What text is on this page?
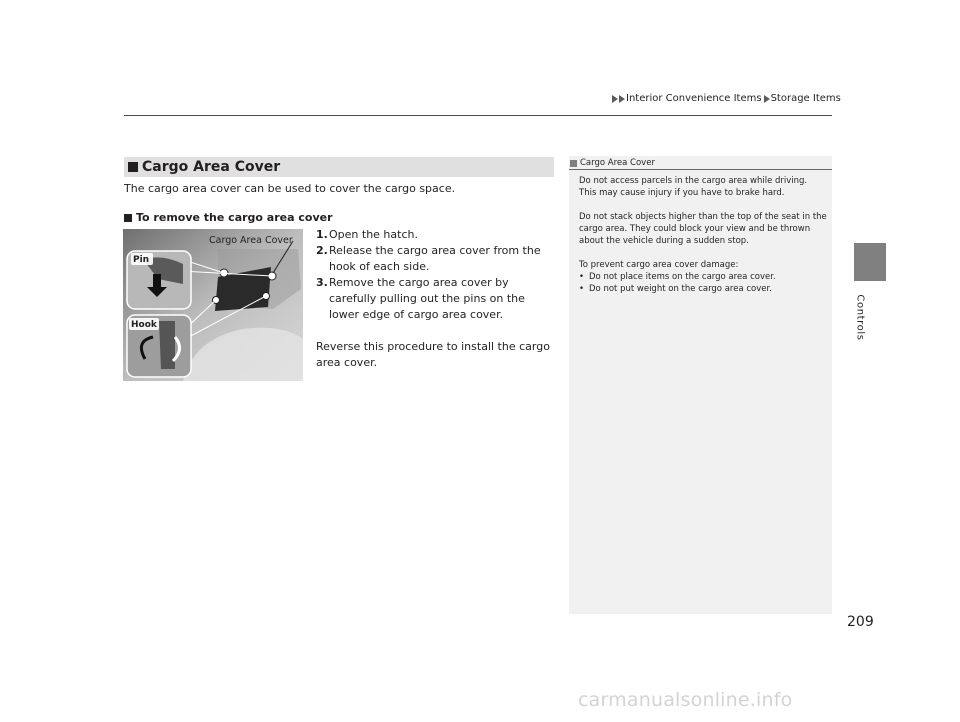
Interior Convenience Items Storage Items
Controls
Cargo Area Cover
The cargo area cover can be used to cover the cargo space.
To remove the cargo area cover
Pin
Hook
Cargo Area Cover 1. Open the hatch.
2. Release the cargo area cover from the hook of each side.
3. Remove the cargo area cover by carefully pulling out the pins on the lower edge of cargo area cover.
Reverse this procedure to install the cargo area cover.
Cargo Area Cover

Do not access parcels in the cargo area while driving. This may cause injury if you have to brake hard.

Do not stack objects higher than the top of the seat in the cargo area. They could block your view and be thrown about the vehicle during a sudden stop.

To prevent cargo area cover damage:
• Do not place items on the cargo area cover.
• Do not put weight on the cargo area cover.
209
carmanualsonline.info
